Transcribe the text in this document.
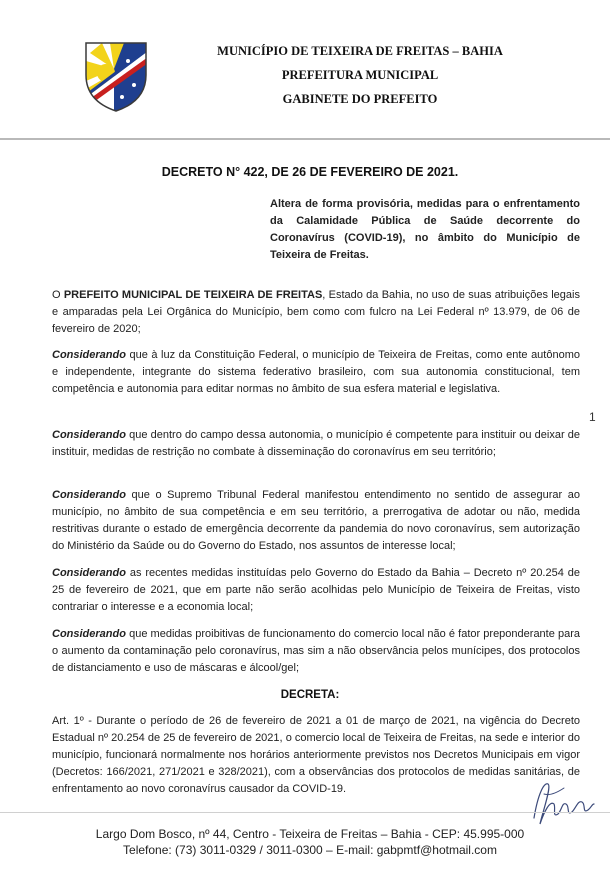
MUNICÍPIO DE TEIXEIRA DE FREITAS – BAHIA
PREFEITURA MUNICIPAL
GABINETE DO PREFEITO
DECRETO N° 422, DE 26 DE FEVEREIRO DE 2021.
Altera de forma provisória, medidas para o enfrentamento da Calamidade Pública de Saúde decorrente do Coronavírus (COVID-19), no âmbito do Município de Teixeira de Freitas.
O PREFEITO MUNICIPAL DE TEIXEIRA DE FREITAS, Estado da Bahia, no uso de suas atribuições legais e amparadas pela Lei Orgânica do Município, bem como com fulcro na Lei Federal nº 13.979, de 06 de fevereiro de 2020;
Considerando que à luz da Constituição Federal, o município de Teixeira de Freitas, como ente autônomo e independente, integrante do sistema federativo brasileiro, com sua autonomia constitucional, tem competência e autonomia para editar normas no âmbito de sua esfera material e legislativa.
1
Considerando que dentro do campo dessa autonomia, o município é competente para instituir ou deixar de instituir, medidas de restrição no combate à disseminação do coronavírus em seu território;
Considerando que o Supremo Tribunal Federal manifestou entendimento no sentido de assegurar ao município, no âmbito de sua competência e em seu território, a prerrogativa de adotar ou não, medida restritivas durante o estado de emergência decorrente da pandemia do novo coronavírus, sem autorização do Ministério da Saúde ou do Governo do Estado, nos assuntos de interesse local;
Considerando as recentes medidas instituídas pelo Governo do Estado da Bahia – Decreto nº 20.254 de 25 de fevereiro de 2021, que em parte não serão acolhidas pelo Município de Teixeira de Freitas, visto contrariar o interesse e a economia local;
Considerando que medidas proibitivas de funcionamento do comercio local não é fator preponderante para o aumento da contaminação pelo coronavírus, mas sim a não observância pelos munícipes, dos protocolos de distanciamento e uso de máscaras e álcool/gel;
DECRETA:
Art. 1º - Durante o período de 26 de fevereiro de 2021 a 01 de março de 2021, na vigência do Decreto Estadual nº 20.254 de 25 de fevereiro de 2021, o comercio local de Teixeira de Freitas, na sede e interior do município, funcionará normalmente nos horários anteriormente previstos nos Decretos Municipais em vigor (Decretos: 166/2021, 271/2021 e 328/2021), com a observâncias dos protocolos de medidas sanitárias, de enfrentamento ao novo coronavírus causador da COVID-19.
Largo Dom Bosco, nº 44, Centro - Teixeira de Freitas – Bahia - CEP: 45.995-000
Telefone: (73) 3011-0329 / 3011-0300 – E-mail: gabpmtf@hotmail.com
